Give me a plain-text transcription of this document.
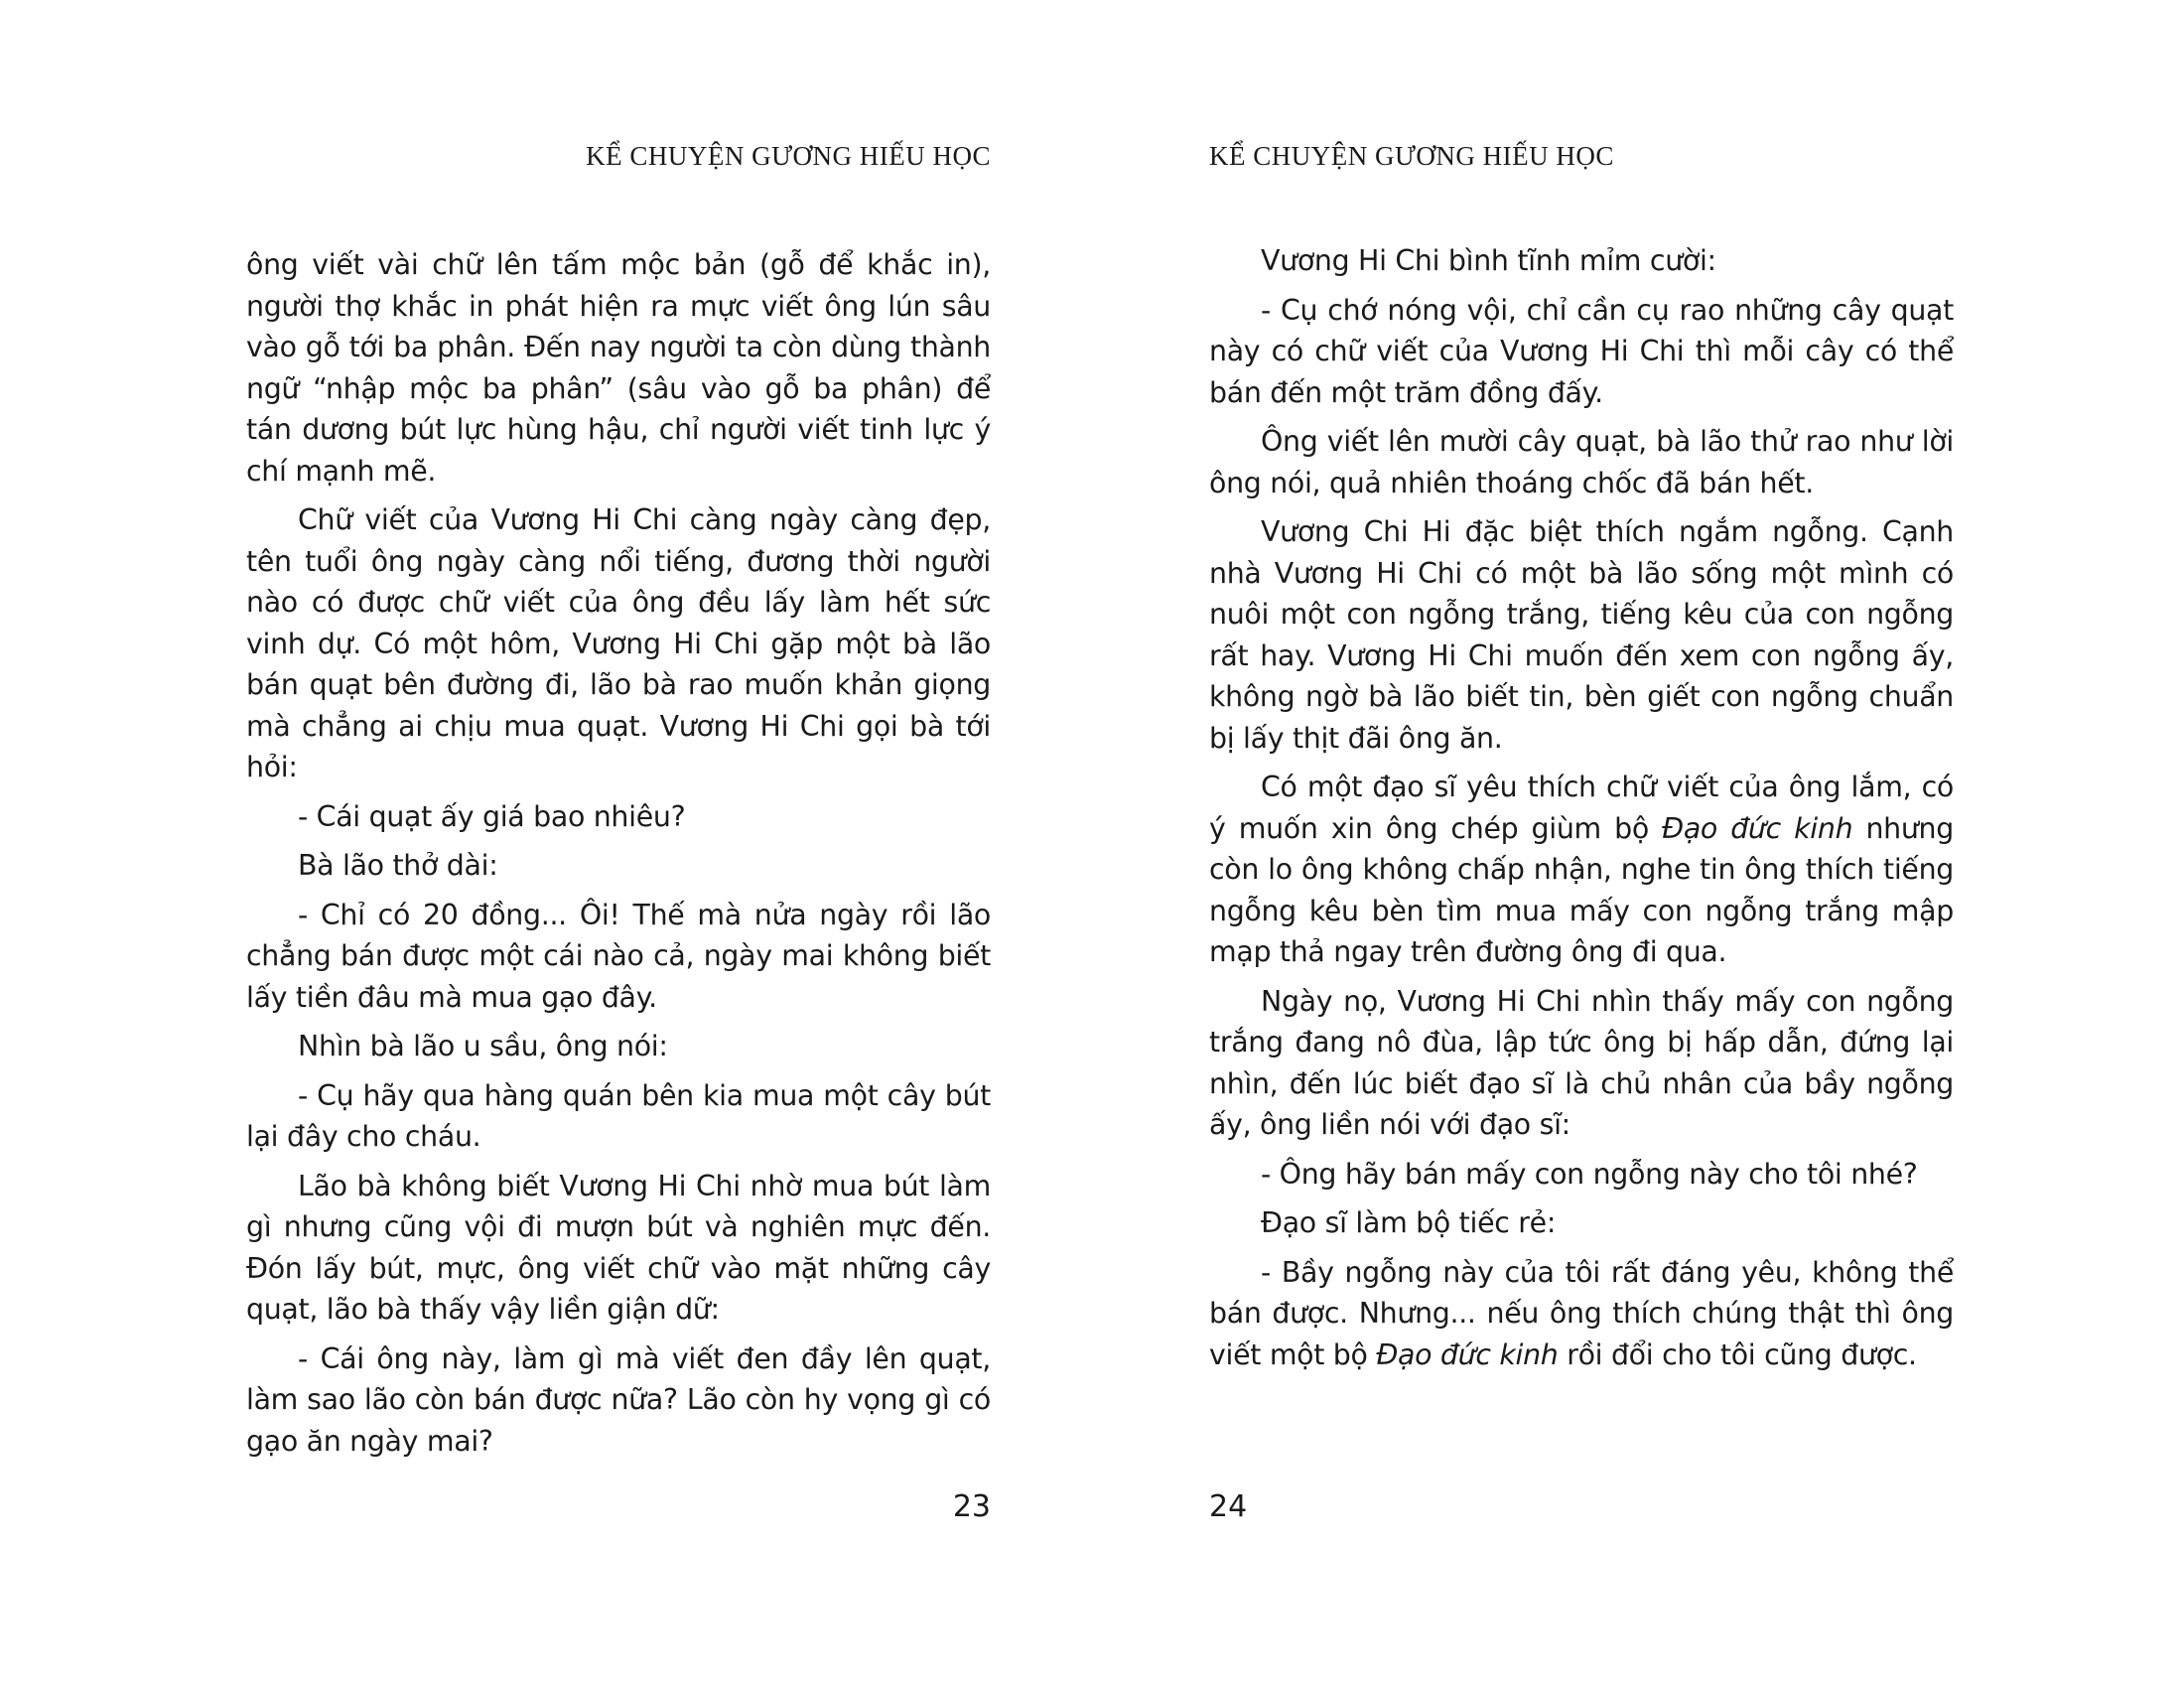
KỂ CHUYỆN GƯƠNG HIẾU HỌC

ông viết vài chữ lên tấm mộc bản (gỗ để khắc in), người thợ khắc in phát hiện ra mực viết ông lún sâu vào gỗ tới ba phân. Đến nay người ta còn dùng thành ngữ “nhập mộc ba phân” (sâu vào gỗ ba phân) để tán dương bút lực hùng hậu, chỉ người viết tinh lực ý chí mạnh mẽ.

Chữ viết của Vương Hi Chi càng ngày càng đẹp, tên tuổi ông ngày càng nổi tiếng, đương thời người nào có được chữ viết của ông đều lấy làm hết sức vinh dự. Có một hôm, Vương Hi Chi gặp một bà lão bán quạt bên đường đi, lão bà rao muốn khản giọng mà chẳng ai chịu mua quạt. Vương Hi Chi gọi bà tới hỏi:

- Cái quạt ấy giá bao nhiêu?

Bà lão thở dài:

- Chỉ có 20 đồng... Ôi! Thế mà nửa ngày rồi lão chẳng bán được một cái nào cả, ngày mai không biết lấy tiền đâu mà mua gạo đây.

Nhìn bà lão u sầu, ông nói:

- Cụ hãy qua hàng quán bên kia mua một cây bút lại đây cho cháu.

Lão bà không biết Vương Hi Chi nhờ mua bút làm gì nhưng cũng vội đi mượn bút và nghiên mực đến. Đón lấy bút, mực, ông viết chữ vào mặt những cây quạt, lão bà thấy vậy liền giận dữ:

- Cái ông này, làm gì mà viết đen đầy lên quạt, làm sao lão còn bán được nữa? Lão còn hy vọng gì có gạo ăn ngày mai?

23
KỂ CHUYỆN GƯƠNG HIẾU HỌC

Vương Hi Chi bình tĩnh mỉm cười:

- Cụ chớ nóng vội, chỉ cần cụ rao những cây quạt này có chữ viết của Vương Hi Chi thì mỗi cây có thể bán đến một trăm đồng đấy.

Ông viết lên mười cây quạt, bà lão thử rao như lời ông nói, quả nhiên thoáng chốc đã bán hết.

Vương Chi Hi đặc biệt thích ngắm ngỗng. Cạnh nhà Vương Hi Chi có một bà lão sống một mình có nuôi một con ngỗng trắng, tiếng kêu của con ngỗng rất hay. Vương Hi Chi muốn đến xem con ngỗng ấy, không ngờ bà lão biết tin, bèn giết con ngỗng chuẩn bị lấy thịt đãi ông ăn.

Có một đạo sĩ yêu thích chữ viết của ông lắm, có ý muốn xin ông chép giùm bộ Đạo đức kinh nhưng còn lo ông không chấp nhận, nghe tin ông thích tiếng ngỗng kêu bèn tìm mua mấy con ngỗng trắng mập mạp thả ngay trên đường ông đi qua.

Ngày nọ, Vương Hi Chi nhìn thấy mấy con ngỗng trắng đang nô đùa, lập tức ông bị hấp dẫn, đứng lại nhìn, đến lúc biết đạo sĩ là chủ nhân của bầy ngỗng ấy, ông liền nói với đạo sĩ:

- Ông hãy bán mấy con ngỗng này cho tôi nhé?

Đạo sĩ làm bộ tiếc rẻ:

- Bầy ngỗng này của tôi rất đáng yêu, không thể bán được. Nhưng... nếu ông thích chúng thật thì ông viết một bộ Đạo đức kinh rồi đổi cho tôi cũng được.

24
